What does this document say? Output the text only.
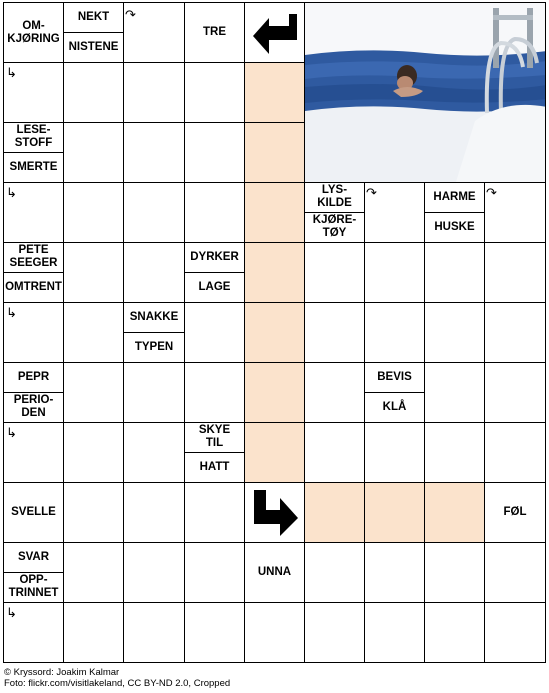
OM-
KJØRING
NEKT
NISTENE
↷
TRE
↳
LESE-
STOFF
SMERTE
↳	LYS-
KILDE
KJØRE-
TØY
↷	HARME
HUSKE
↷
PETE
SEEGER
OMTRENT
DYRKER
LAGE
↳	SNAKKE
TYPEN
PEPR
PERIO-
DEN
BEVIS
KLÅ
↳	SKYE
TIL
HATT
SVELLE	FØL
SVAR
OPP-
TRINNET
UNNA
↳
© Kryssord: Joakim Kalmar
Foto: flickr.com/visitlakeland, CC BY-ND 2.0, Cropped
